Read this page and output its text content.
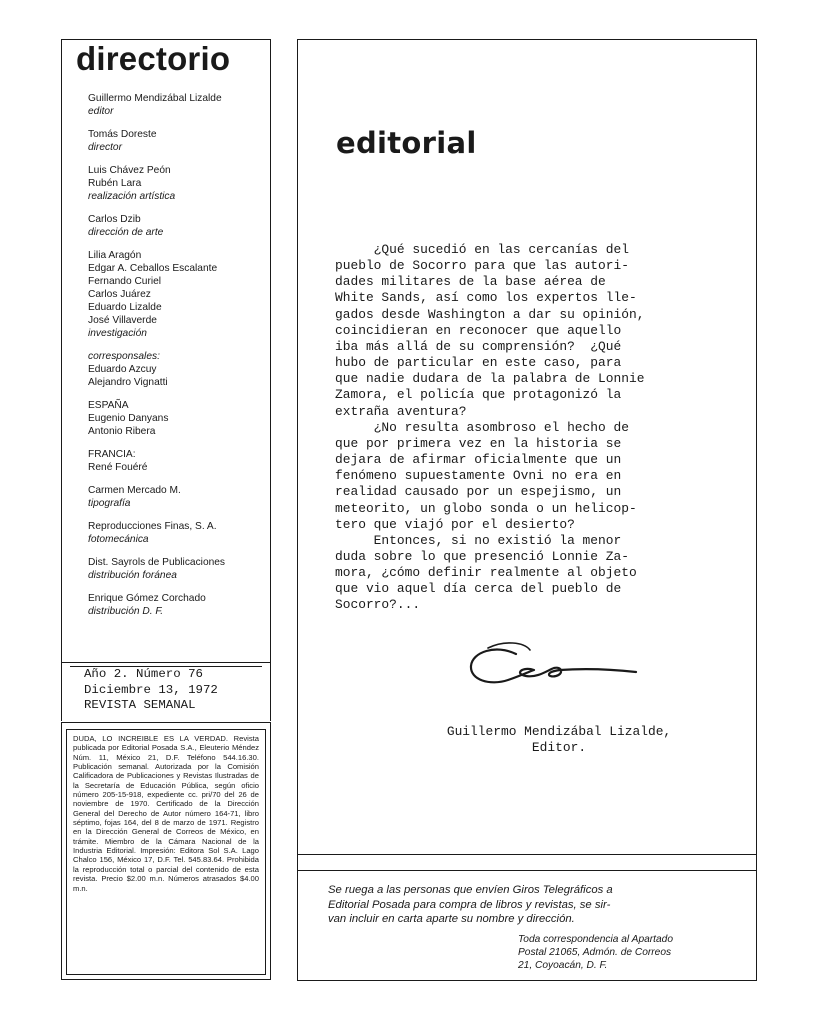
directorio
Guillermo Mendizábal Lizalde
editor
Tomás Doreste
director
Luis Chávez Peón
Rubén Lara
realización artística
Carlos Dzib
dirección de arte
Lilia Aragón
Edgar A. Ceballos Escalante
Fernando Curiel
Carlos Juárez
Eduardo Lizalde
José Villaverde
investigación
corresponsales:
Eduardo Azcuy
Alejandro Vignatti
ESPAÑA
Eugenio Danyans
Antonio Ribera
FRANCIA:
René Fouéré
Carmen Mercado M.
tipografía
Reproducciones Finas, S. A.
fotomecánica
Dist. Sayrols de Publicaciones
distribución foránea
Enrique Gómez Corchado
distribución D. F.
Año 2. Número 76
Diciembre 13, 1972
REVISTA SEMANAL
DUDA, LO INCREIBLE ES LA VERDAD. Revista publicada por Editorial Posada S.A., Eleuterio Méndez Núm. 11, México 21, D.F. Teléfono 544.16.30. Publicación semanal. Autorizada por la Comisión Calificadora de Publicaciones y Revistas Ilustradas de la Secretaría de Educación Pública, según oficio número 205-15-918, expediente cc. pri/70 del 26 de noviembre de 1970. Certificado de la Dirección General del Derecho de Autor número 164-71, libro séptimo, fojas 164, del 8 de marzo de 1971. Registro en la Dirección General de Correos de México, en trámite. Miembro de la Cámara Nacional de la Industria Editorial. Impresión: Editora Sol S.A. Lago Chalco 156, México 17, D.F. Tel. 545.83.64. Prohibida la reproducción total o parcial del contenido de esta revista. Precio $2.00 m.n. Números atrasados $4.00 m.n.
editorial
¿Qué sucedió en las cercanías del
pueblo de Socorro para que las autori-
dades militares de la base aérea de
White Sands, así como los expertos lle-
gados desde Washington a dar su opinión,
coincidieran en reconocer que aquello
iba más allá de su comprensión?  ¿Qué
hubo de particular en este caso, para
que nadie dudara de la palabra de Lonnie
Zamora, el policía que protagonizó la
extraña aventura?
¿No resulta asombroso el hecho de
que por primera vez en la historia se
dejara de afirmar oficialmente que un
fenómeno supuestamente Ovni no era en
realidad causado por un espejismo, un
meteorito, un globo sonda o un helicop-
tero que viajó por el desierto?
Entonces, si no existió la menor
duda sobre lo que presenció Lonnie Za-
mora, ¿cómo definir realmente al objeto
que vio aquel día cerca del pueblo de
Socorro?...
Guillermo Mendizábal Lizalde,
Editor.
Se ruega a las personas que envíen Giros Telegráficos a
Editorial Posada para compra de libros y revistas, se sir-
van incluir en carta aparte su nombre y dirección.
Toda correspondencia al Apartado
Postal 21065, Admón. de Correos
21, Coyoacán, D. F.
